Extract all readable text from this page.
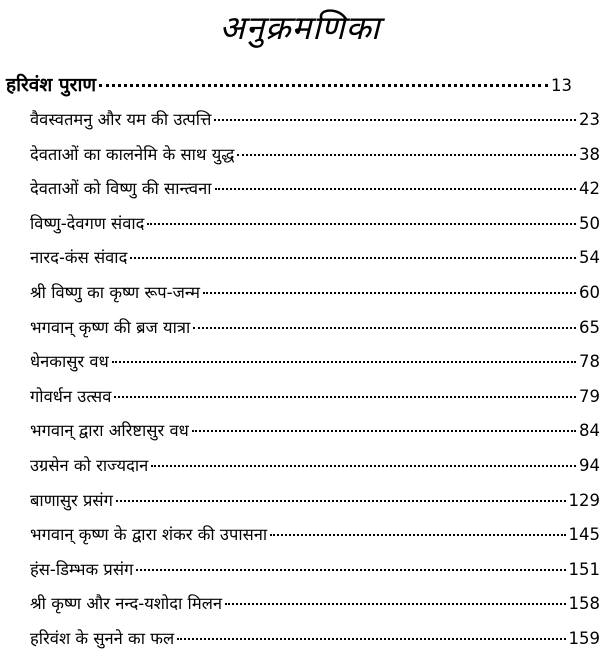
अनुक्रमणिका
हरिवंश पुराण	13
वैवस्वतमनु और यम की उत्पत्ति	23
देवताओं का कालनेमि के साथ युद्ध	38
देवताओं को विष्णु की सान्त्वना	42
विष्णु-देवगण संवाद	50
नारद-कंस संवाद	54
श्री विष्णु का कृष्ण रूप-जन्म	60
भगवान् कृष्ण की ब्रज यात्रा	65
धेनकासुर वध	78
गोवर्धन उत्सव	79
भगवान् द्वारा अरिष्टासुर वध	84
उग्रसेन को राज्यदान	94
बाणासुर प्रसंग	129
भगवान् कृष्ण के द्वारा शंकर की उपासना	145
हंस-डिम्भक प्रसंग	151
श्री कृष्ण और नन्द-यशोदा मिलन	158
हरिवंश के सुनने का फल	159
